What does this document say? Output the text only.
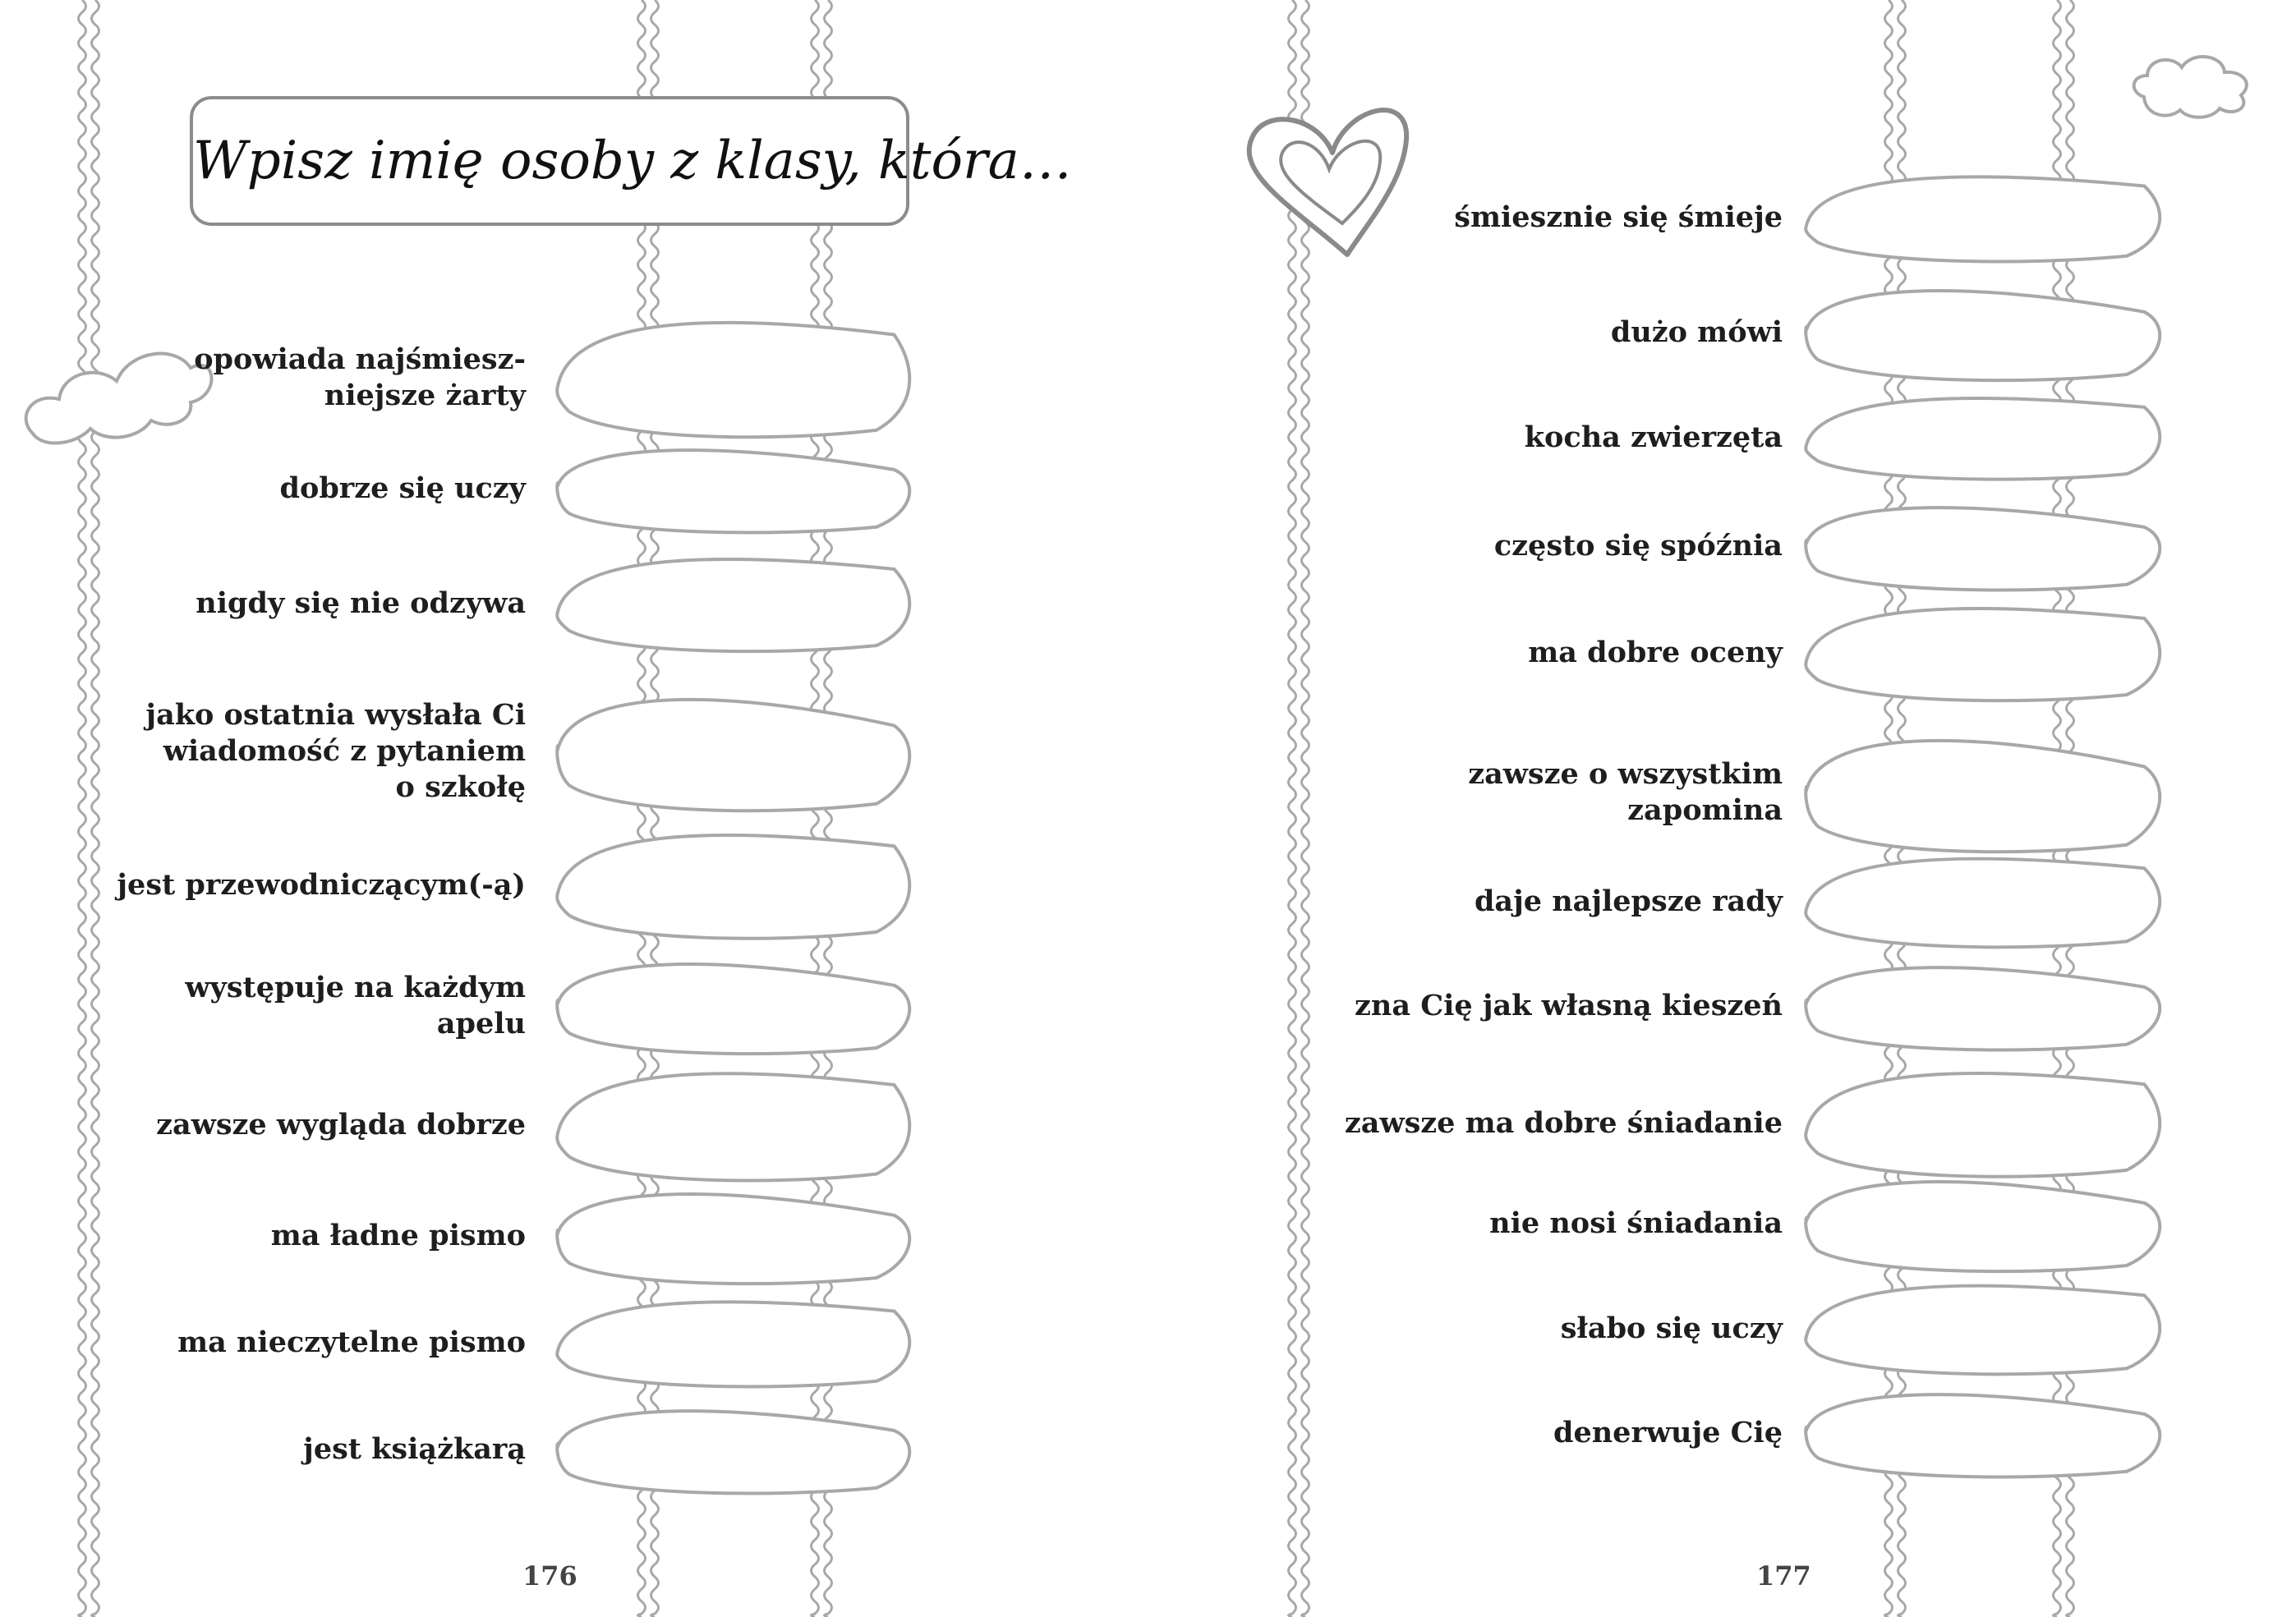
Wpisz imię osoby z klasy, która…
opowiada najśmiesz-
niejsze żarty
dobrze się uczy
nigdy się nie odzywa
jako ostatnia wysłała Ci
wiadomość z pytaniem
o szkołę
jest przewodniczącym(-ą)
występuje na każdym
apelu
zawsze wygląda dobrze
ma ładne pismo
ma nieczytelne pismo
jest książkarą
śmiesznie się śmieje
dużo mówi
kocha zwierzęta
często się spóźnia
ma dobre oceny
zawsze o wszystkim
zapomina
daje najlepsze rady
zna Cię jak własną kieszeń
zawsze ma dobre śniadanie
nie nosi śniadania
słabo się uczy
denerwuje Cię
176	177
